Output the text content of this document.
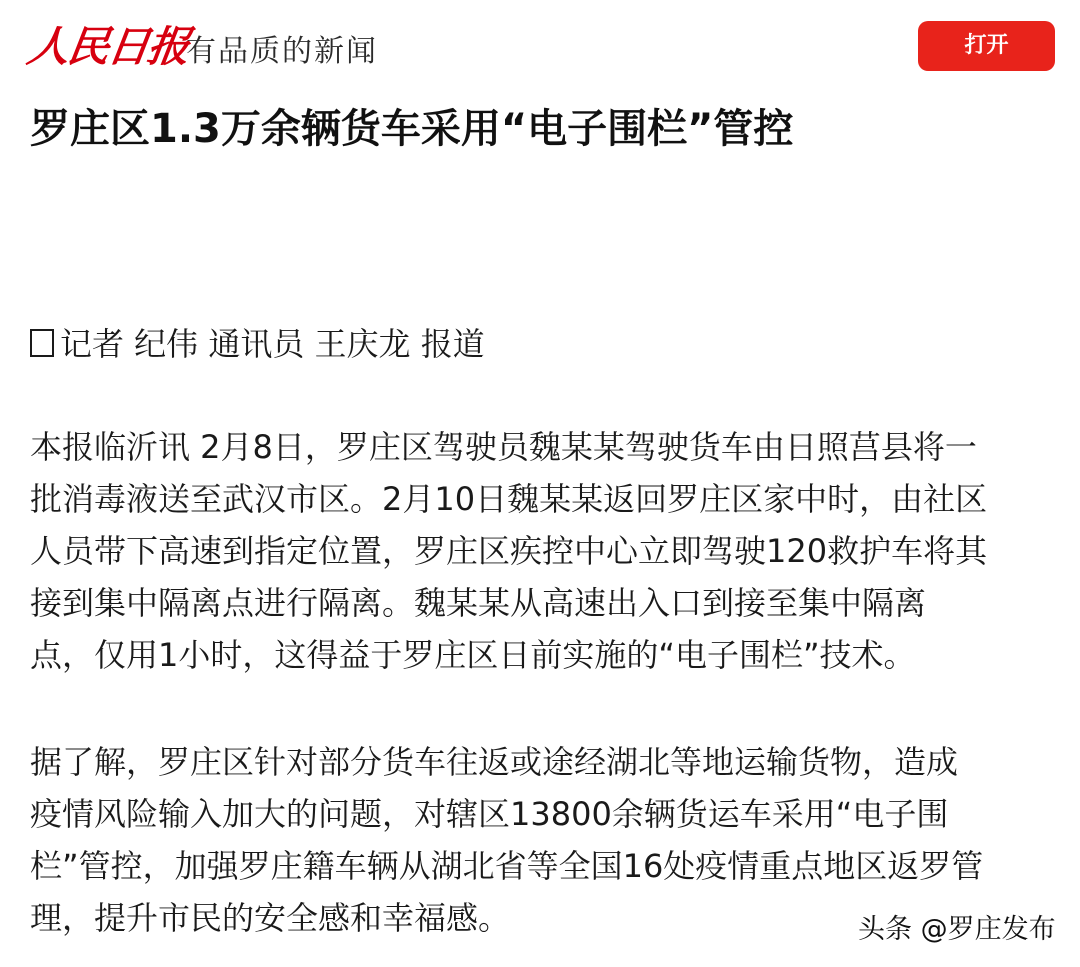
人民日报
有品质的新闻	打开
罗庄区1.3万余辆货车采用“电子围栏”管控
记者 纪伟 通讯员 王庆龙 报道

本报临沂讯 2月8日，罗庄区驾驶员魏某某驾驶货车由日照莒县将一
批消毒液送至武汉市区。2月10日魏某某返回罗庄区家中时，由社区
人员带下高速到指定位置，罗庄区疾控中心立即驾驶120救护车将其
接到集中隔离点进行隔离。魏某某从高速出入口到接至集中隔离
点，仅用1小时，这得益于罗庄区日前实施的“电子围栏”技术。

据了解，罗庄区针对部分货车往返或途经湖北等地运输货物，造成
疫情风险输入加大的问题，对辖区13800余辆货运车采用“电子围
栏”管控，加强罗庄籍车辆从湖北省等全国16处疫情重点地区返罗管
理，提升市民的安全感和幸福感。	头条 @罗庄发布
